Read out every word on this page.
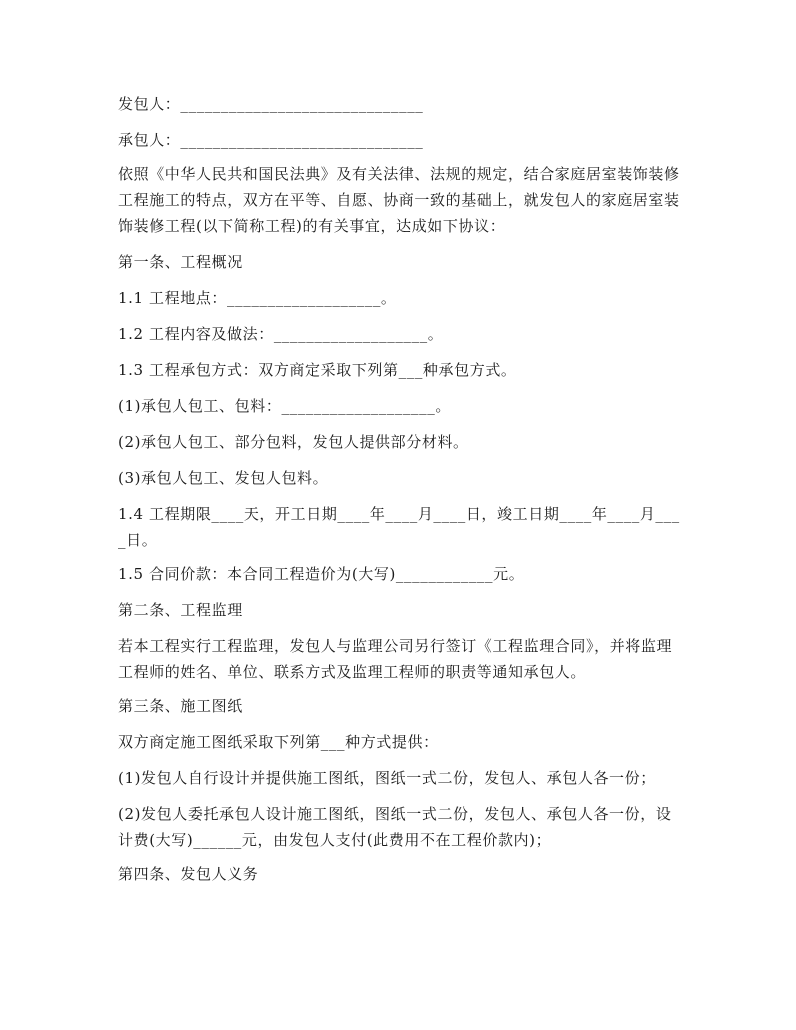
发包人：______________________________

承包人：______________________________

依照《中华人民共和国民法典》及有关法律、法规的规定，结合家庭居室装饰装修工程施工的特点，双方在平等、自愿、协商一致的基础上，就发包人的家庭居室装饰装修工程(以下简称工程)的有关事宜，达成如下协议：

第一条、工程概况

1.1 工程地点：___________________。

1.2 工程内容及做法：___________________。

1.3 工程承包方式：双方商定采取下列第___种承包方式。

(1)承包人包工、包料：___________________。

(2)承包人包工、部分包料，发包人提供部分材料。

(3)承包人包工、发包人包料。

1.4 工程期限____天，开工日期____年____月____日，竣工日期____年____月____日。

1.5 合同价款：本合同工程造价为(大写)____________元。

第二条、工程监理

若本工程实行工程监理，发包人与监理公司另行签订《工程监理合同》，并将监理工程师的姓名、单位、联系方式及监理工程师的职责等通知承包人。

第三条、施工图纸

双方商定施工图纸采取下列第___种方式提供：

(1)发包人自行设计并提供施工图纸，图纸一式二份，发包人、承包人各一份；

(2)发包人委托承包人设计施工图纸，图纸一式二份，发包人、承包人各一份，设计费(大写)______元，由发包人支付(此费用不在工程价款内)；

第四条、发包人义务
